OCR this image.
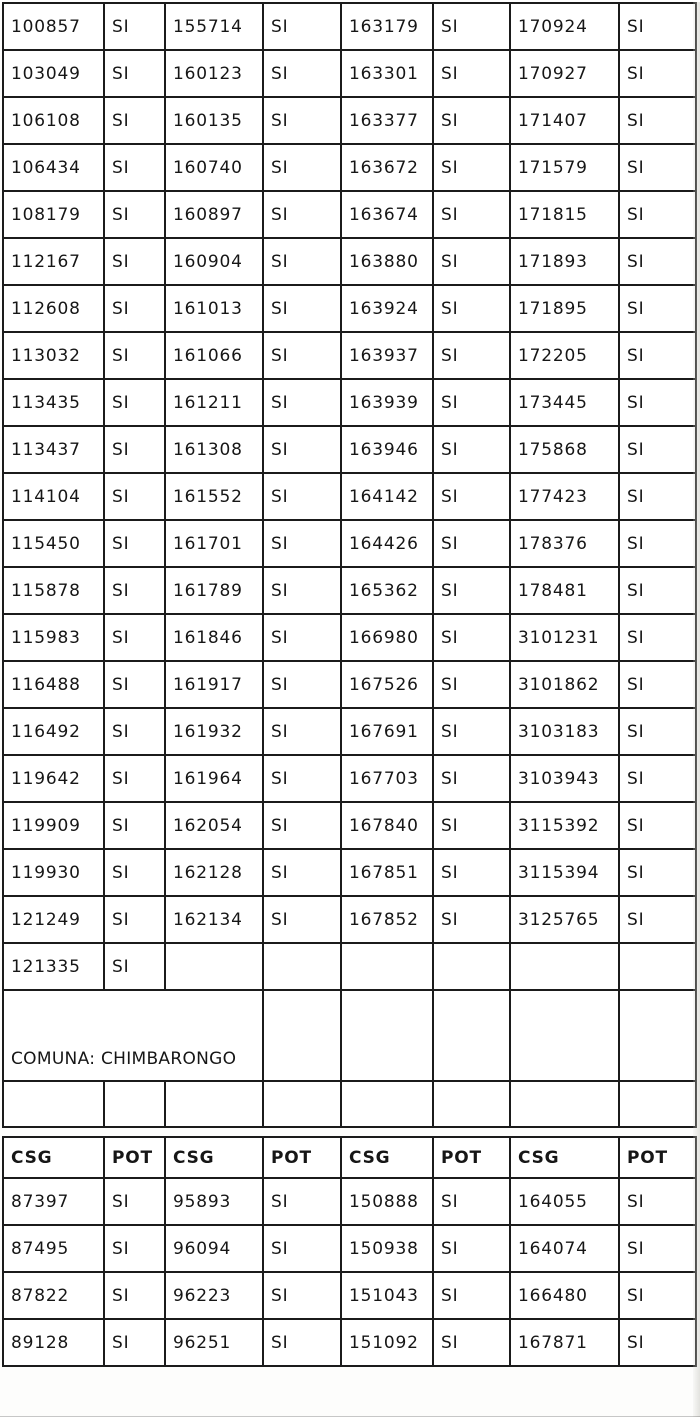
100857	SI	155714	SI	163179	SI	170924	SI
103049	SI	160123	SI	163301	SI	170927	SI
106108	SI	160135	SI	163377	SI	171407	SI
106434	SI	160740	SI	163672	SI	171579	SI
108179	SI	160897	SI	163674	SI	171815	SI
112167	SI	160904	SI	163880	SI	171893	SI
112608	SI	161013	SI	163924	SI	171895	SI
113032	SI	161066	SI	163937	SI	172205	SI
113435	SI	161211	SI	163939	SI	173445	SI
113437	SI	161308	SI	163946	SI	175868	SI
114104	SI	161552	SI	164142	SI	177423	SI
115450	SI	161701	SI	164426	SI	178376	SI
115878	SI	161789	SI	165362	SI	178481	SI
115983	SI	161846	SI	166980	SI	3101231	SI
116488	SI	161917	SI	167526	SI	3101862	SI
116492	SI	161932	SI	167691	SI	3103183	SI
119642	SI	161964	SI	167703	SI	3103943	SI
119909	SI	162054	SI	167840	SI	3115392	SI
119930	SI	162128	SI	167851	SI	3115394	SI
121249	SI	162134	SI	167852	SI	3125765	SI
121335	SI						
COMUNA: CHIMBARONGO							

CSG	POT	CSG	POT	CSG	POT	CSG	POT
87397	SI	95893	SI	150888	SI	164055	SI
87495	SI	96094	SI	150938	SI	164074	SI
87822	SI	96223	SI	151043	SI	166480	SI
89128	SI	96251	SI	151092	SI	167871	SI
